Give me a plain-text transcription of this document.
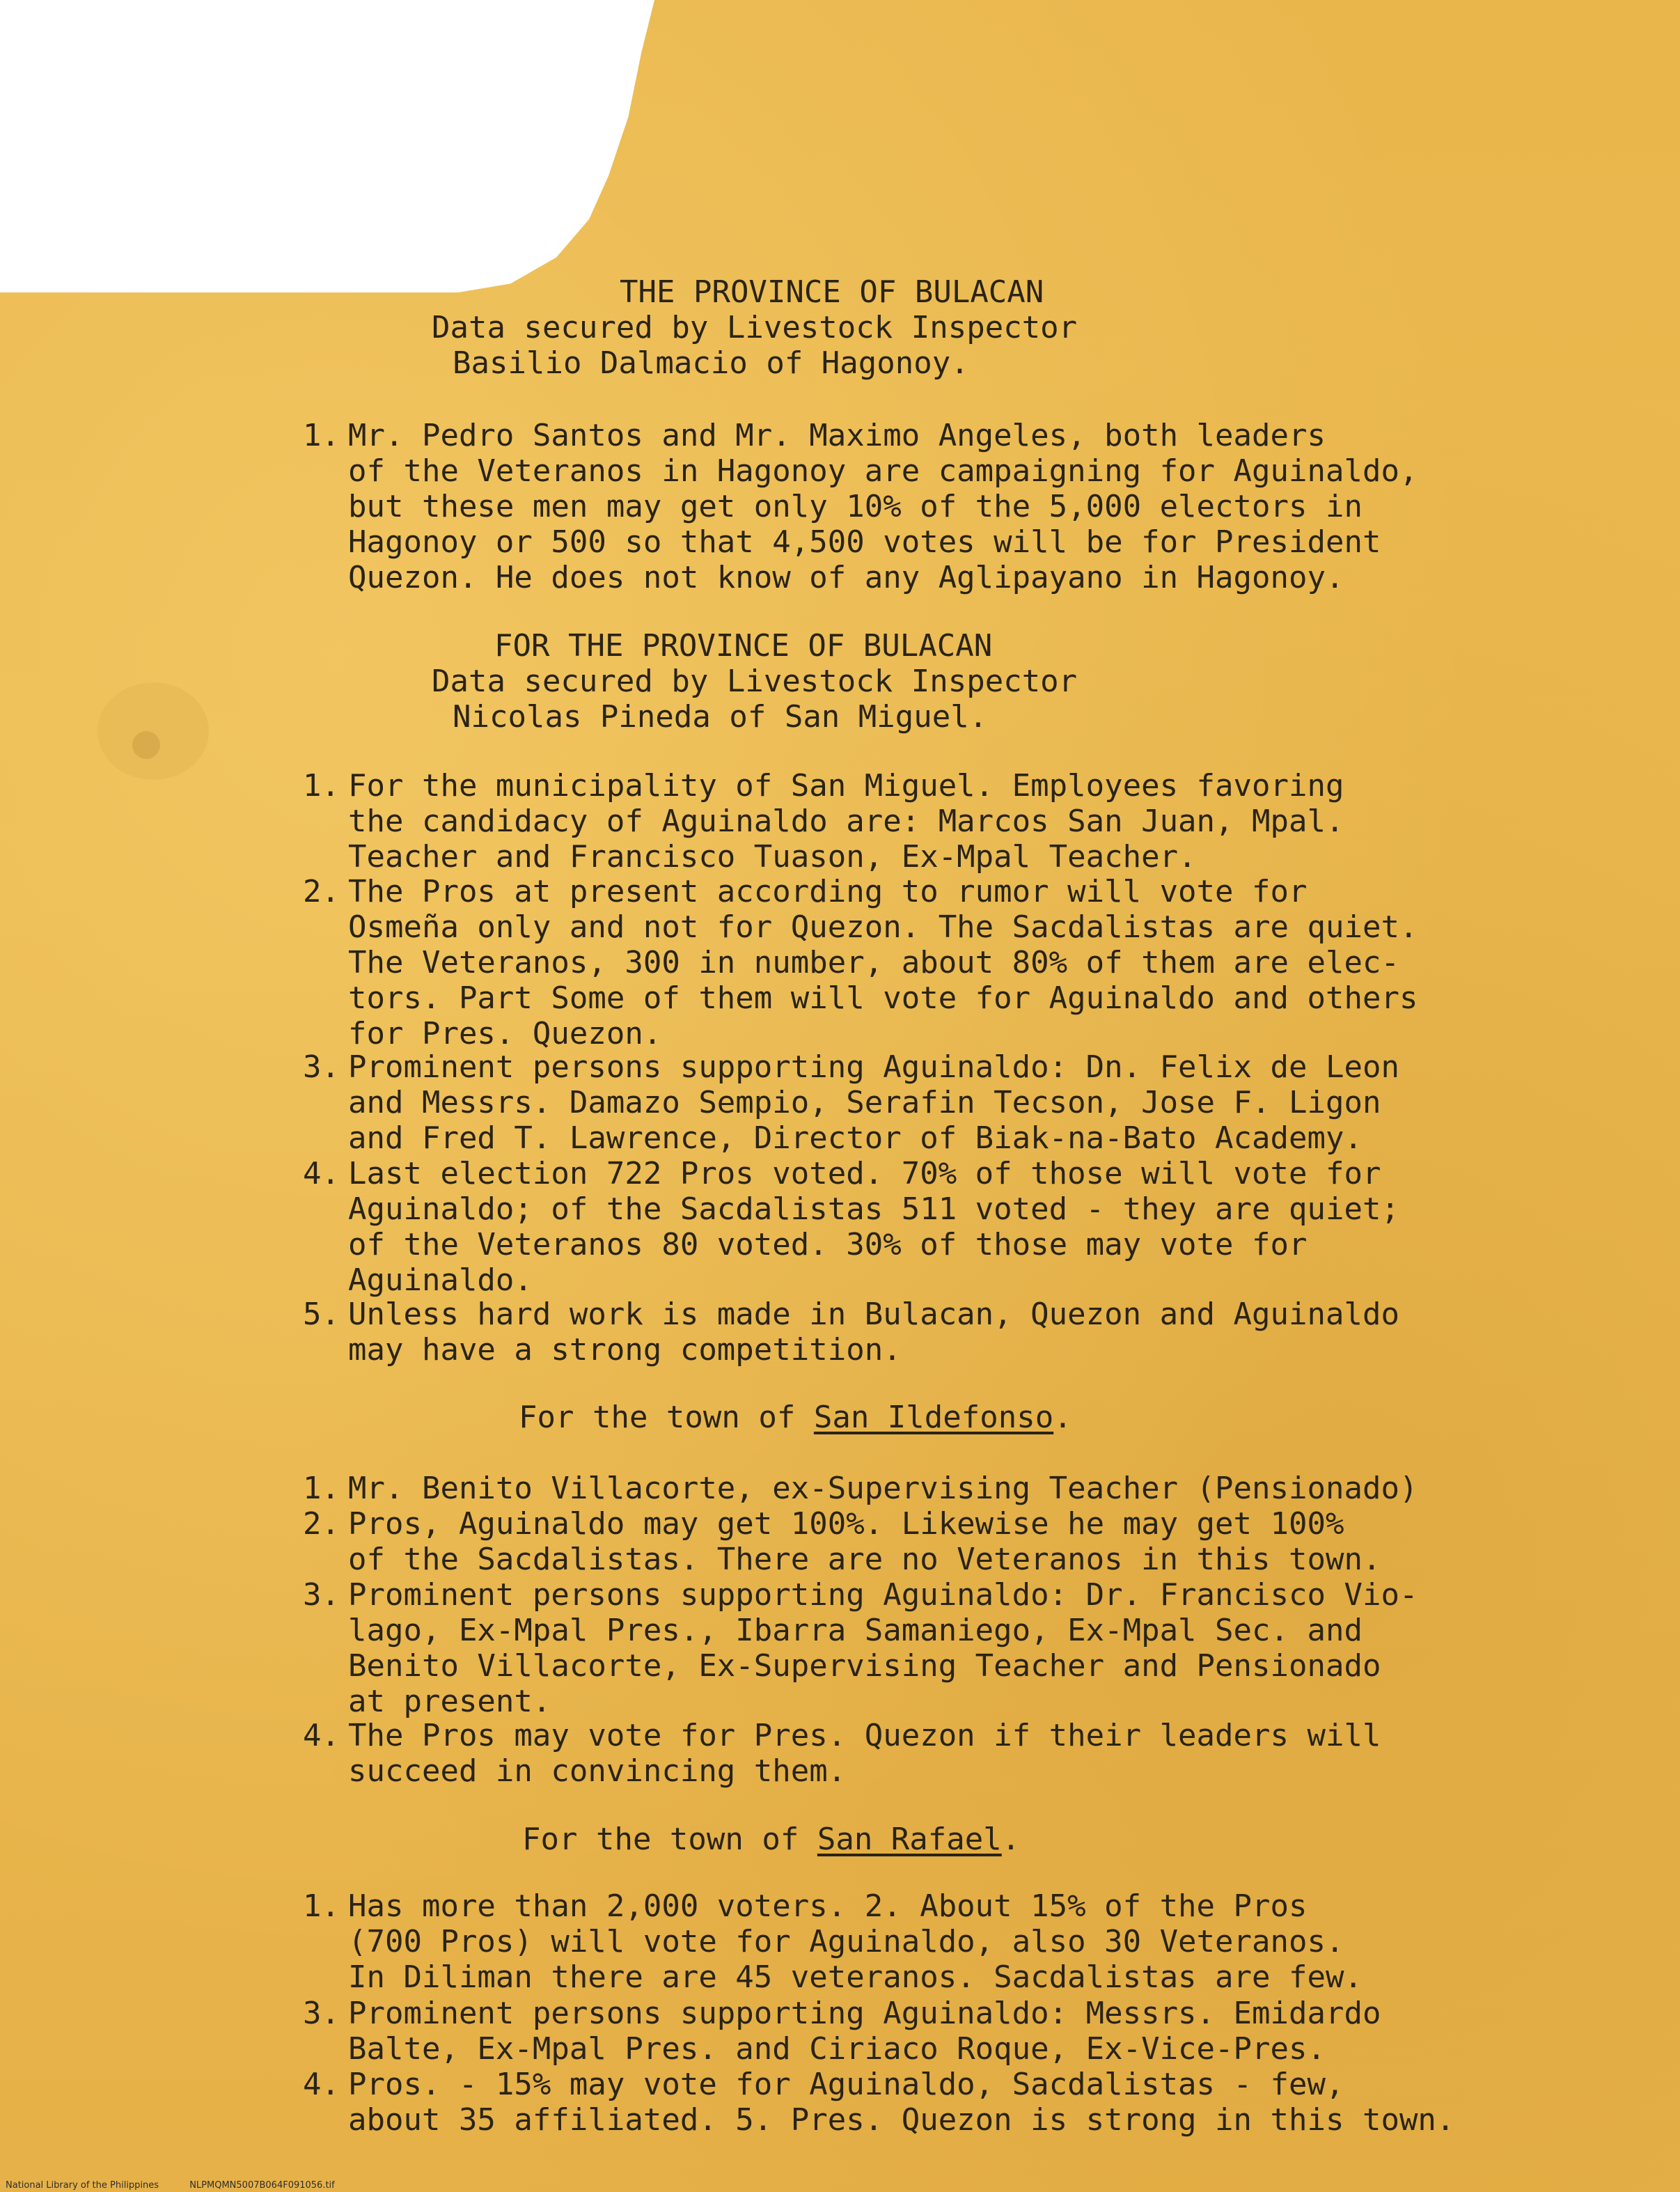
THE PROVINCE OF BULACAN
Data secured by Livestock Inspector
Basilio Dalmacio of Hagonoy.
1. Mr. Pedro Santos and Mr. Maximo Angeles, both leaders
of the Veteranos in Hagonoy are campaigning for Aguinaldo,
but these men may get only 10% of the 5,000 electors in
Hagonoy or 500 so that 4,500 votes will be for President
Quezon. He does not know of any Aglipayano in Hagonoy.
FOR THE PROVINCE OF BULACAN
Data secured by Livestock Inspector
Nicolas Pineda of San Miguel.
1. For the municipality of San Miguel. Employees favoring
the candidacy of Aguinaldo are: Marcos San Juan, Mpal.
Teacher and Francisco Tuason, Ex-Mpal Teacher.
2. The Pros at present according to rumor will vote for
Osmeña only and not for Quezon. The Sacdalistas are quiet.
The Veteranos, 300 in number, about 80% of them are elec-
tors. Part Some of them will vote for Aguinaldo and others
for Pres. Quezon.
3. Prominent persons supporting Aguinaldo: Dn. Felix de Leon
and Messrs. Damazo Sempio, Serafin Tecson, Jose F. Ligon
and Fred T. Lawrence, Director of Biak-na-Bato Academy.
4. Last election 722 Pros voted. 70% of those will vote for
Aguinaldo; of the Sacdalistas 511 voted - they are quiet;
of the Veteranos 80 voted. 30% of those may vote for
Aguinaldo.
5. Unless hard work is made in Bulacan, Quezon and Aguinaldo
may have a strong competition.
For the town of San Ildefonso.
1. Mr. Benito Villacorte, ex-Supervising Teacher (Pensionado)
2. Pros, Aguinaldo may get 100%. Likewise he may get 100%
of the Sacdalistas. There are no Veteranos in this town.
3. Prominent persons supporting Aguinaldo: Dr. Francisco Vio-
lago, Ex-Mpal Pres., Ibarra Samaniego, Ex-Mpal Sec. and
Benito Villacorte, Ex-Supervising Teacher and Pensionado
at present.
4. The Pros may vote for Pres. Quezon if their leaders will
succeed in convincing them.
For the town of San Rafael.
1. Has more than 2,000 voters. 2. About 15% of the Pros
(700 Pros) will vote for Aguinaldo, also 30 Veteranos.
In Diliman there are 45 veteranos. Sacdalistas are few.
3. Prominent persons supporting Aguinaldo: Messrs. Emidardo
Balte, Ex-Mpal Pres. and Ciriaco Roque, Ex-Vice-Pres.
4. Pros. - 15% may vote for Aguinaldo, Sacdalistas - few,
about 35 affiliated. 5. Pres. Quezon is strong in this town.
National Library of the Philippines	NLPMQMN5007B064F091056.tif
